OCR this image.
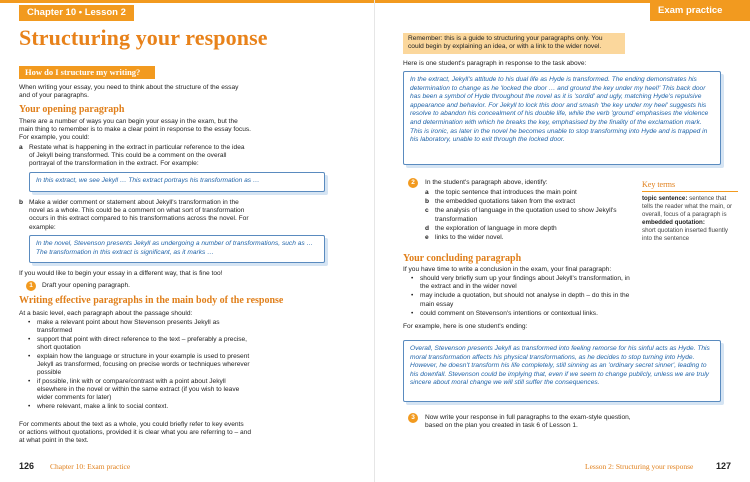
Chapter 10 • Lesson 2
Structuring your response
How do I structure my writing?
When writing your essay, you need to think about the structure of the essay and of your paragraphs.
Your opening paragraph
There are a number of ways you can begin your essay in the exam, but the main thing to remember is to make a clear point in response to the essay focus. For example, you could:
a Restate what is happening in the extract in particular reference to the idea of Jekyll being transformed. This could be a comment on the overall portrayal of the transformation in the extract. For example:
In this extract, we see Jekyll … This extract portrays his transformation as …
b Make a wider comment or statement about Jekyll's transformation in the novel as a whole. This could be a comment on what sort of transformation occurs in this extract compared to his transformations across the novel. For example:
In the novel, Stevenson presents Jekyll as undergoing a number of transformations, such as … The transformation in this extract is significant, as it marks …
If you would like to begin your essay in a different way, that is fine too!
1	Draft your opening paragraph.
Writing effective paragraphs in the main body of the response
At a basic level, each paragraph about the passage should:
• make a relevant point about how Stevenson presents Jekyll as transformed
• support that point with direct reference to the text – preferably a precise, short quotation
• explain how the language or structure in your example is used to present Jekyll as transformed, focusing on precise words or techniques wherever possible
• if possible, link with or compare/contrast with a point about Jekyll elsewhere in the novel or within the same extract (if you wish to leave wider comments for later)
• where relevant, make a link to social context.
For comments about the text as a whole, you could briefly refer to key events or actions without quotations, provided it is clear what you are referring to – and at what point in the text.
126 Chapter 10: Exam practice
Exam practice
Remember: this is a guide to structuring your paragraphs only. You could begin by explaining an idea, or with a link to the wider novel.
Here is one student's paragraph in response to the task above:
In the extract, Jekyll's attitude to his dual life as Hyde is transformed. The ending demonstrates his determination to change as he 'locked the door … and ground the key under my heel!' This back door has been a symbol of Hyde throughout the novel as it is 'sordid' and ugly, matching Hyde's repulsive appearance and behavior. For Jekyll to lock this door and smash 'the key under my heel' suggests his resolve to abandon his concealment of his double life, while the verb 'ground' emphasises the violence and determination with which he breaks the key, emphasised by the finality of the exclamation mark. This is ironic, as later in the novel he becomes unable to stop transforming into Hyde and is trapped in his laboratory, unable to exit through the locked door.
2	In the student's paragraph above, identify:
a the topic sentence that introduces the main point
b the embedded quotations taken from the extract
c the analysis of language in the quotation used to show Jekyll's transformation
d the exploration of language in more depth
e links to the wider novel.
Key terms
topic sentence: sentence that tells the reader what the main, or overall, focus of a paragraph is
embedded quotation:
short quotation inserted fluently into the sentence
Your concluding paragraph
If you have time to write a conclusion in the exam, your final paragraph:
• should very briefly sum up your findings about Jekyll's transformation, in the extract and in the wider novel
• may include a quotation, but should not analyse in depth – do this in the main essay
• could comment on Stevenson's intentions or contextual links.
For example, here is one student's ending:
Overall, Stevenson presents Jekyll as transformed into feeling remorse for his sinful acts as Hyde. This moral transformation affects his physical transformations, as he decides to stop turning into Hyde. However, he doesn't transform his life completely, still sinning as an 'ordinary secret sinner', leading to his downfall. Stevenson could be implying that, even if we seem to change publicly, unless we are truly sincere about moral change we will still suffer the consequences.
3	Now write your response in full paragraphs to the exam-style question, based on the plan you created in task 6 of Lesson 1.
Lesson 2: Structuring your response	127
